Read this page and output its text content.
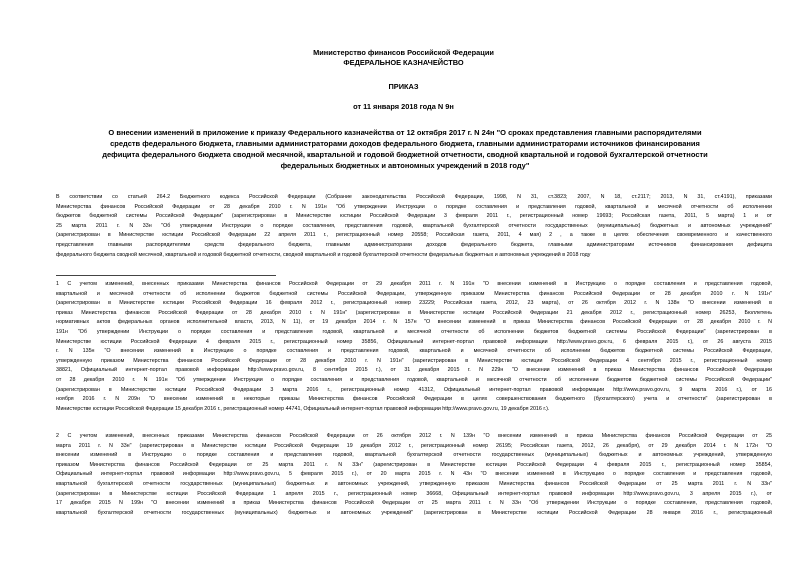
Министерство финансов Российской Федерации
ФЕДЕРАЛЬНОЕ КАЗНАЧЕЙСТВО
ПРИКАЗ
от 11 января 2018 года N 9н
О внесении изменений в приложение к приказу Федерального казначейства от 12 октября 2017 г. N 24н "О сроках представления главными распорядителями
средств федерального бюджета, главными администраторами доходов федерального бюджета, главными администраторами источников финансирования
дефицита федерального бюджета сводной месячной, квартальной и годовой бюджетной отчетности, сводной квартальной и годовой бухгалтерской отчетности
федеральных бюджетных и автономных учреждений в 2018 году"
В соответствии со статьей 264.2 Бюджетного кодекса Российской Федерации (Собрание законодательства Российской Федерации, 1998, N 31, ст.3823; 2007, N 18, ст.2117; 2013, N 31, ст.4191), приказами
Министерства финансов Российской Федерации от 28 декабря 2010 г. N 191н "Об утверждении Инструкции о порядке составления и представления годовой, квартальной и месячной отчетности об исполнении
бюджетов бюджетной системы Российской Федерации" (зарегистрирован в Министерстве юстиции Российской Федерации 3 февраля 2011 г., регистрационный номер 19693; Российская газета, 2011, 5 марта) 1 и от
25 марта 2011 г. N 33н "Об утверждении Инструкции о порядке составления, представления годовой, квартальной бухгалтерской отчетности государственных (муниципальных) бюджетных и автономных учреждений"
(зарегистрирован в Министерстве юстиции Российской Федерации 22 апреля 2011 г., регистрационный номер 20558; Российская газета, 2011, 4 мая) 2 , а также в целях обеспечения своевременного и качественного
представления главными распорядителями средств федерального бюджета, главными администраторами доходов федерального бюджета, главными администраторами источников финансирования дефицита
федерального бюджета сводной месячной, квартальной и годовой бюджетной отчетности, сводной квартальной и годовой бухгалтерской отчетности федеральных бюджетных и автономных учреждений в 2018 году
1 С учетом изменений, внесенных приказами Министерства финансов Российской Федерации от 29 декабря 2011 г. N 191н "О внесении изменений в Инструкцию о порядке составления и представления годовой,
квартальной и месячной отчетности об исполнении бюджетов бюджетной системы Российской Федерации, утвержденную приказом Министерства финансов Российской Федерации от 28 декабря 2010 г. N 191н"
(зарегистрирован в Министерстве юстиции Российской Федерации 16 февраля 2012 г., регистрационный номер 23229; Российская газета, 2012, 23 марта), от 26 октября 2012 г. N 138н "О внесении изменений в
приказ Министерства финансов Российской Федерации от 28 декабря 2010 г. N 191н" (зарегистрирован в Министерстве юстиции Российской Федерации 21 декабря 2012 г., регистрационный номер 26253, Бюллетень
нормативных актов федеральных органов исполнительной власти, 2013, N 11), от 19 декабря 2014 г. N 157н "О внесении изменений в приказ Министерства финансов Российской Федерации от 28 декабря 2010 г. N
191н "Об утверждении Инструкции о порядке составления и представления годовой, квартальной и месячной отчетности об исполнении бюджетов бюджетной системы Российской Федерации" (зарегистрирован в
Министерстве юстиции Российской Федерации 4 февраля 2015 г., регистрационный номер 35856, Официальный интернет-портал правовой информации http://www.pravo.gov.ru, 6 февраля 2015 г.), от 26 августа 2015
г. N 135н "О внесении изменений в Инструкцию о порядке составления и представления годовой, квартальной и месячной отчетности об исполнении бюджетов бюджетной системы Российской Федерации,
утвержденную приказом Министерства финансов Российской Федерации от 28 декабря 2010 г. N 191н" (зарегистрирован в Министерстве юстиции Российской Федерации 4 сентября 2015 г., регистрационный номер
38821, Официальный интернет-портал правовой информации http://www.pravo.gov.ru, 8 сентября 2015 г.), от 31 декабря 2015 г. N 229н "О внесении изменений в приказ Министерства финансов Российской Федерации
от 28 декабря 2010 г. N 191н "Об утверждении Инструкции о порядке составления и представления годовой, квартальной и месячной отчетности об исполнении бюджетов бюджетной системы Российской Федерации"
(зарегистрирован в Министерстве юстиции Российской Федерации 3 марта 2016 г., регистрационный номер 41312, Официальный интернет-портал правовой информации http://www.pravo.gov.ru, 9 марта 2016 г.), от 16
ноября 2016 г. N 209н "О внесении изменений в некоторые приказы Министерства финансов Российской Федерации в целях совершенствования бюджетного (бухгалтерского) учета и отчетности" (зарегистрирован в
Министерстве юстиции Российской Федерации 15 декабря 2016 г., регистрационный номер 44741, Официальный интернет-портал правовой информации http://www.pravo.gov.ru, 19 декабря 2016 г.).
2 С учетом изменений, внесенных приказами Министерства финансов Российской Федерации от 26 октября 2012 г. N 139н "О внесении изменений в приказ Министерства финансов Российской Федерации от 25
марта 2011 г. N 33н" (зарегистрирован в Министерстве юстиции Российской Федерации 19 декабря 2012 г., регистрационный номер 26195; Российская газета, 2012, 26 декабря), от 29 декабря 2014 г. N 172н "О
внесении изменений в Инструкцию о порядке составления и представления годовой, квартальной бухгалтерской отчетности государственных (муниципальных) бюджетных и автономных учреждений, утвержденную
приказом Министерства финансов Российской Федерации от 25 марта 2011 г. N 33н" (зарегистрирован в Министерстве юстиции Российской Федерации 4 февраля 2015 г., регистрационный номер 35854,
Официальный интернет-портал правовой информации http://www.pravo.gov.ru, 5 февраля 2015 г.), от 20 марта 2015 г. N 43н "О внесении изменений в Инструкцию о порядке составления и представления годовой,
квартальной бухгалтерской отчетности государственных (муниципальных) бюджетных и автономных учреждений, утвержденную приказом Министерства финансов Российской Федерации от 25 марта 2011 г. N 33н"
(зарегистрирован в Министерстве юстиции Российской Федерации 1 апреля 2015 г., регистрационный номер 36668, Официальный интернет-портал правовой информации http://www.pravo.gov.ru, 3 апреля 2015 г.), от
17 декабря 2015 N 199н "О внесении изменений в приказ Министерства финансов Российской Федерации от 25 марта 2011 г. N 33н "Об утверждении Инструкции о порядке составления, представления годовой,
квартальной бухгалтерской отчетности государственных (муниципальных) бюджетных и автономных учреждений" (зарегистрирован в Министерстве юстиции Российской Федерации 28 января 2016 г., регистрационный
